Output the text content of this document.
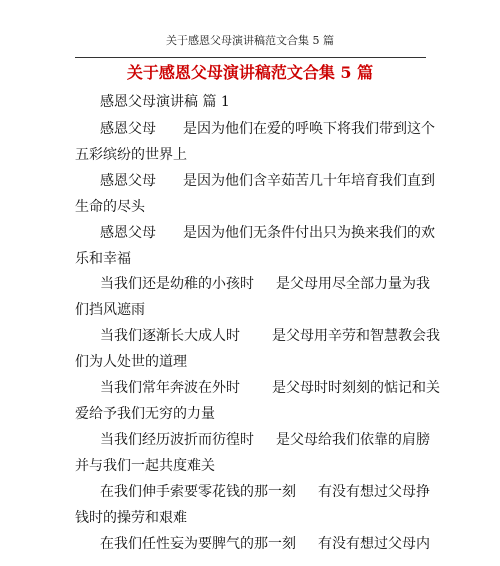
关于感恩父母演讲稿范文合集 5 篇
关于感恩父母演讲稿范文合集 5 篇
感恩父母演讲稿 篇 1
感恩父母 是因为他们在爱的呼唤下将我们带到这个
五彩缤纷的世界上
感恩父母 是因为他们含辛茹苦几十年培育我们直到
生命的尽头
感恩父母 是因为他们无条件付出只为换来我们的欢
乐和幸福
当我们还是幼稚的小孩时 是父母用尽全部力量为我
们挡风遮雨
当我们逐渐长大成人时 是父母用辛劳和智慧教会我
们为人处世的道理
当我们常年奔波在外时 是父母时时刻刻的惦记和关
爱给予我们无穷的力量
当我们经历波折而彷徨时 是父母给我们依靠的肩膀
并与我们一起共度难关
在我们伸手索要零花钱的那一刻 有没有想过父母挣
钱时的操劳和艰难
在我们任性妄为要脾气的那一刻 有没有想过父母内
